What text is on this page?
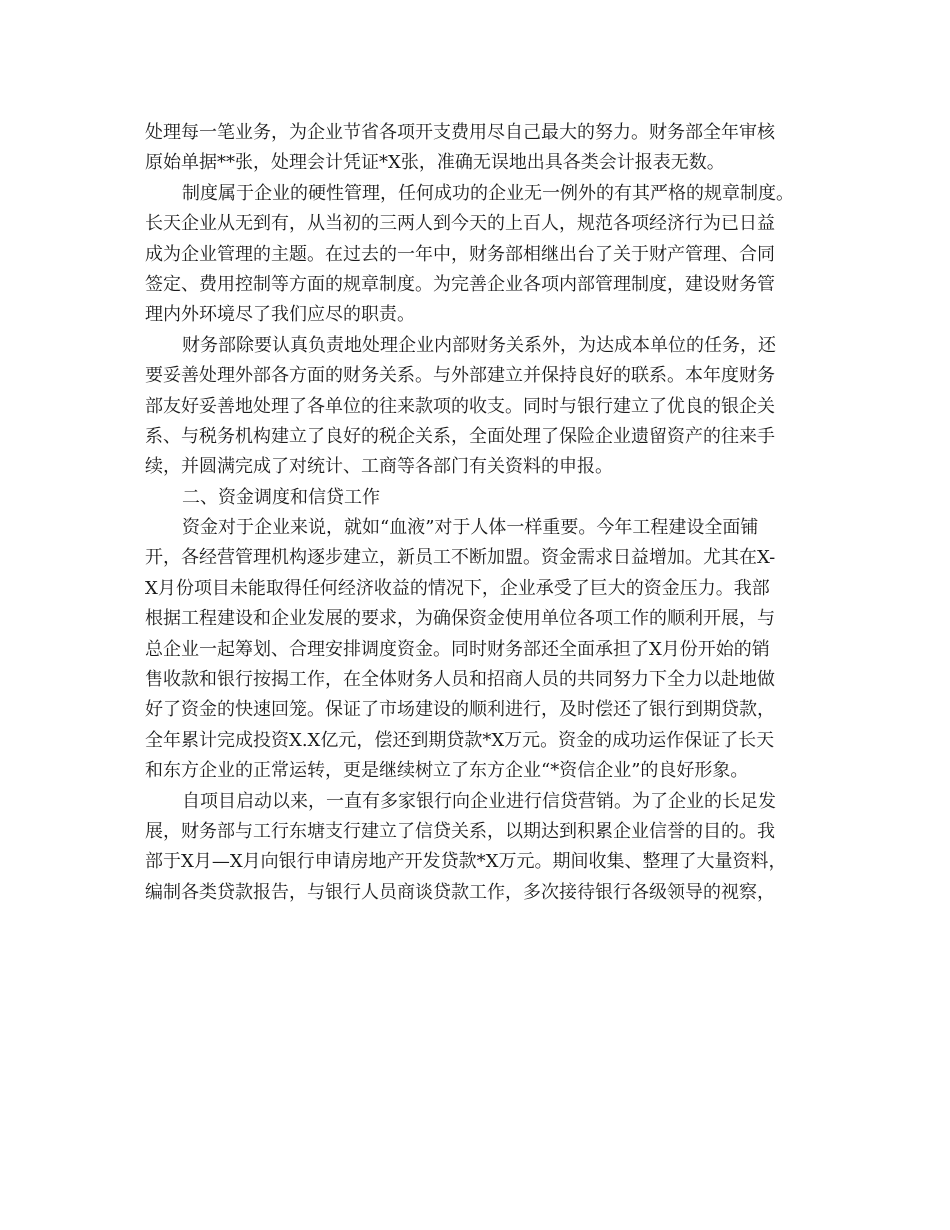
处理每一笔业务，为企业节省各项开支费用尽自己最大的努力。财务部全年审核
原始单据**张，处理会计凭证*X张，准确无误地出具各类会计报表无数。
制度属于企业的硬性管理，任何成功的企业无一例外的有其严格的规章制度。
长天企业从无到有，从当初的三两人到今天的上百人，规范各项经济行为已日益
成为企业管理的主题。在过去的一年中，财务部相继出台了关于财产管理、合同
签定、费用控制等方面的规章制度。为完善企业各项内部管理制度，建设财务管
理内外环境尽了我们应尽的职责。
财务部除要认真负责地处理企业内部财务关系外，为达成本单位的任务，还
要妥善处理外部各方面的财务关系。与外部建立并保持良好的联系。本年度财务
部友好妥善地处理了各单位的往来款项的收支。同时与银行建立了优良的银企关
系、与税务机构建立了良好的税企关系，全面处理了保险企业遗留资产的往来手
续，并圆满完成了对统计、工商等各部门有关资料的申报。
二、资金调度和信贷工作
资金对于企业来说，就如“血液”对于人体一样重要。今年工程建设全面铺
开，各经营管理机构逐步建立，新员工不断加盟。资金需求日益增加。尤其在X-
X月份项目未能取得任何经济收益的情况下，企业承受了巨大的资金压力。我部
根据工程建设和企业发展的要求，为确保资金使用单位各项工作的顺利开展，与
总企业一起筹划、合理安排调度资金。同时财务部还全面承担了X月份开始的销
售收款和银行按揭工作，在全体财务人员和招商人员的共同努力下全力以赴地做
好了资金的快速回笼。保证了市场建设的顺利进行，及时偿还了银行到期贷款，
全年累计完成投资X.X亿元，偿还到期贷款*X万元。资金的成功运作保证了长天
和东方企业的正常运转，更是继续树立了东方企业“*资信企业”的良好形象。
自项目启动以来，一直有多家银行向企业进行信贷营销。为了企业的长足发
展，财务部与工行东塘支行建立了信贷关系，以期达到积累企业信誉的目的。我
部于X月—X月向银行申请房地产开发贷款*X万元。期间收集、整理了大量资料，
编制各类贷款报告，与银行人员商谈贷款工作，多次接待银行各级领导的视察，
